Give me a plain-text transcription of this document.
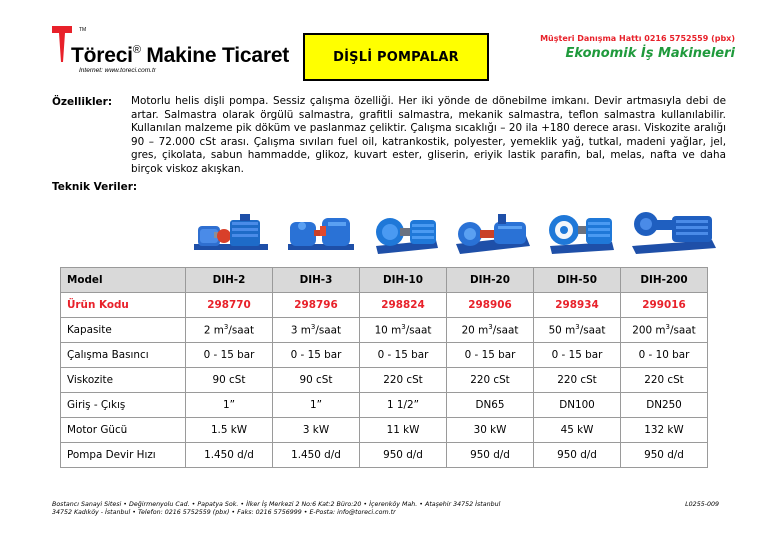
TM
Töreci® Makine Ticaret
Internet: www.toreci.com.tr
DİŞLİ POMPALAR
Müşteri Danışma Hattı 0216 5752559 (pbx)
Ekonomik İş Makineleri
Özellikler: Motorlu helis dişli pompa. Sessiz çalışma özelliği. Her iki yönde de dönebilme imkanı. Devir artmasıyla debi de artar. Salmastra olarak örgülü salmastra, grafitli salmastra, mekanik salmastra, teflon salmastra kullanılabilir. Kullanılan malzeme pik döküm ve paslanmaz çeliktir. Çalışma sıcaklığı – 20 ila +180 derece arası. Viskozite aralığı 90 – 72.000 cSt arası. Çalışma sıvıları fuel oil, katrankostik, polyester, yemeklik yağ, tutkal, madeni yağlar, jel, gres, çikolata, sabun hammadde, glikoz, kuvart ester, gliserin, eriyik lastik parafin, bal, melas, nafta ve daha birçok viskoz akışkan.
Teknik Veriler:
Model	DIH-2	DIH-3	DIH-10	DIH-20	DIH-50	DIH-200
Ürün Kodu	298770	298796	298824	298906	298934	299016
Kapasite	2 $m^3$/saat	3 $m^3$/saat	10 $m^3$/saat	20 $m^3$/saat	50 $m^3$/saat	200 $m^3$/saat
Çalışma Basıncı	0 - 15 bar	0 - 15 bar	0 - 15 bar	0 - 15 bar	0 - 15 bar	0 - 10 bar
Viskozite	90 cSt	90 cSt	220 cSt	220 cSt	220 cSt	220 cSt
Giriş - Çıkış	1”	1”	1 1/2”	DN65	DN100	DN250
Motor Gücü	1.5 kW	3 kW	11 kW	30 kW	45 kW	132 kW
Pompa Devir Hızı	1.450 d/d	1.450 d/d	950 d/d	950 d/d	950 d/d	950 d/d
Bostancı Sanayi Sitesi • Değirmenyolu Cad. • Papatya Sok. • İlker İş Merkezi 2 No:6 Kat:2 Büro:20 • İçerenköy Mah. • Ataşehir 34752 İstanbul
34752 Kadıköy - İstanbul • Telefon: 0216 5752559 (pbx) • Faks: 0216 5756999 • E-Posta: info@toreci.com.tr
L0255-009
